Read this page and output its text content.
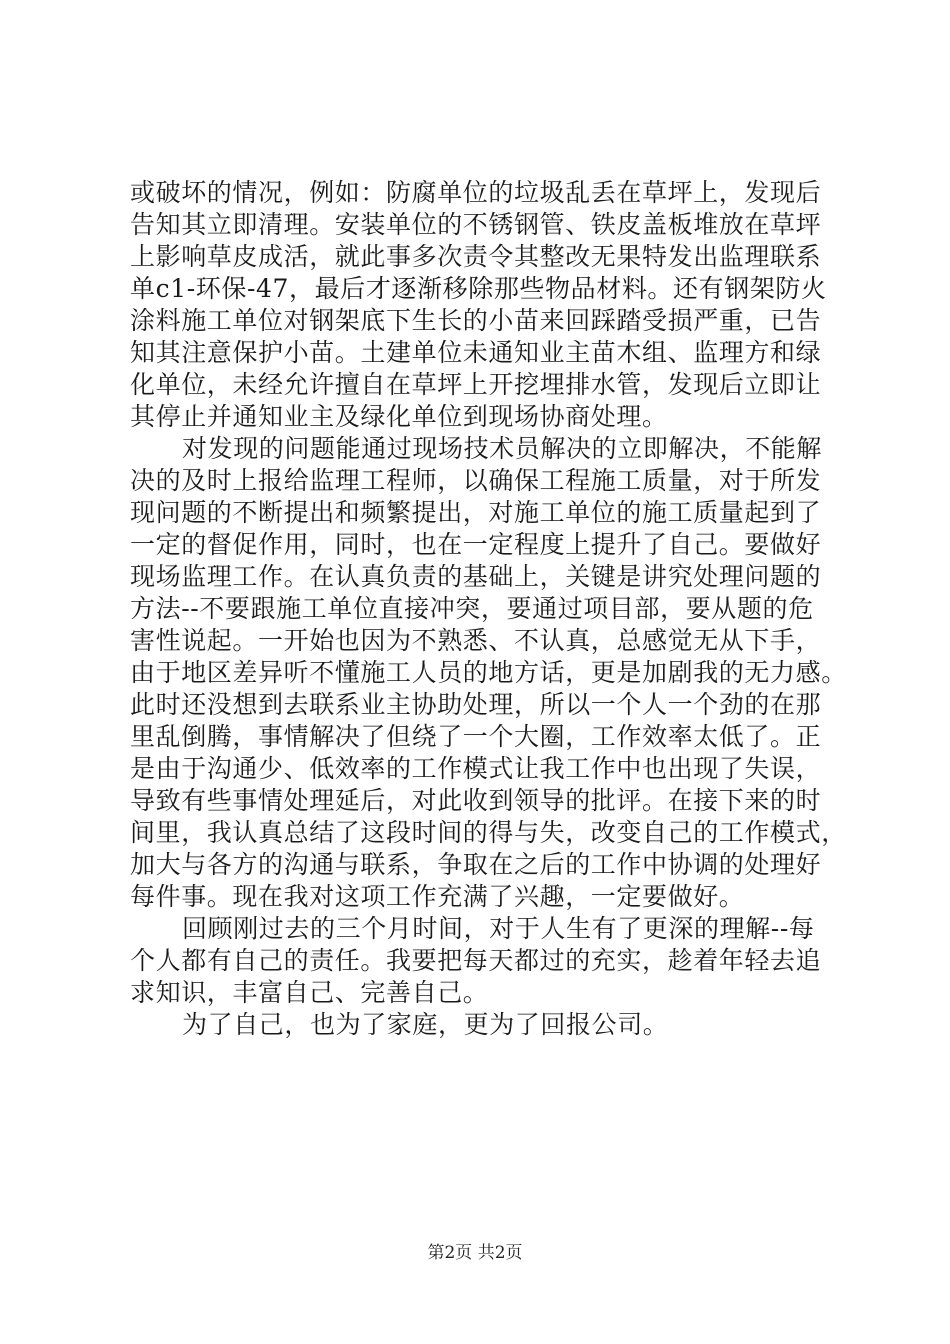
或破坏的情况，例如：防腐单位的垃圾乱丢在草坪上，发现后
告知其立即清理。安装单位的不锈钢管、铁皮盖板堆放在草坪
上影响草皮成活，就此事多次责令其整改无果特发出监理联系
单c1-环保-47，最后才逐渐移除那些物品材料。还有钢架防火
涂料施工单位对钢架底下生长的小苗来回踩踏受损严重，已告
知其注意保护小苗。土建单位未通知业主苗木组、监理方和绿
化单位，未经允许擅自在草坪上开挖埋排水管，发现后立即让
其停止并通知业主及绿化单位到现场协商处理。
对发现的问题能通过现场技术员解决的立即解决，不能解
决的及时上报给监理工程师，以确保工程施工质量，对于所发
现问题的不断提出和频繁提出，对施工单位的施工质量起到了
一定的督促作用，同时，也在一定程度上提升了自己。要做好
现场监理工作。在认真负责的基础上，关键是讲究处理问题的
方法--不要跟施工单位直接冲突，要通过项目部，要从题的危
害性说起。一开始也因为不熟悉、不认真，总感觉无从下手，
由于地区差异听不懂施工人员的地方话，更是加剧我的无力感。
此时还没想到去联系业主协助处理，所以一个人一个劲的在那
里乱倒腾，事情解决了但绕了一个大圈，工作效率太低了。正
是由于沟通少、低效率的工作模式让我工作中也出现了失误，
导致有些事情处理延后，对此收到领导的批评。在接下来的时
间里，我认真总结了这段时间的得与失，改变自己的工作模式，
加大与各方的沟通与联系，争取在之后的工作中协调的处理好
每件事。现在我对这项工作充满了兴趣，一定要做好。
回顾刚过去的三个月时间，对于人生有了更深的理解--每
个人都有自己的责任。我要把每天都过的充实，趁着年轻去追
求知识，丰富自己、完善自己。
为了自己，也为了家庭，更为了回报公司。
第2页 共2页
